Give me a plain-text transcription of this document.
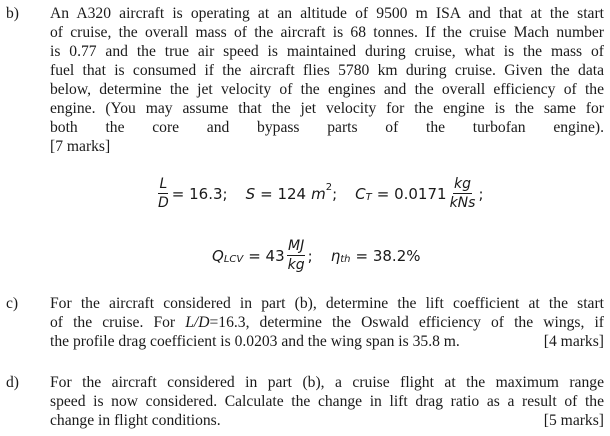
b) An A320 aircraft is operating at an altitude of 9500 m ISA and that at the start
of cruise, the overall mass of the aircraft is 68 tonnes. If the cruise Mach number
is 0.77 and the true air speed is maintained during cruise, what is the mass of
fuel that is consumed if the aircraft flies 5780 km during cruise. Given the data
below, determine the jet velocity of the engines and the overall efficiency of the
engine. (You may assume that the jet velocity for the engine is the same for
both the core and bypass parts of the turbofan engine).
[7 marks]
$\frac{L}{D} = 16.3$; S = 124 m 2 ; C $T = 0.0171 \frac{kg}{\text{kNs}}$ ;
Q LCV = $43 \frac{MJ}{kg}$ ; η th = 38.2%
c) For the aircraft considered in part (b), determine the lift coefficient at the start
of the cruise. For L/D=16.3, determine the Oswald efficiency of the wings, if
the profile drag coefficient is 0.0203 and the wing span is 35.8 m.	[4 marks]
d) For the aircraft considered in part (b), a cruise flight at the maximum range
speed is now considered. Calculate the change in lift drag ratio as a result of the
change in flight conditions.	[5 marks]
